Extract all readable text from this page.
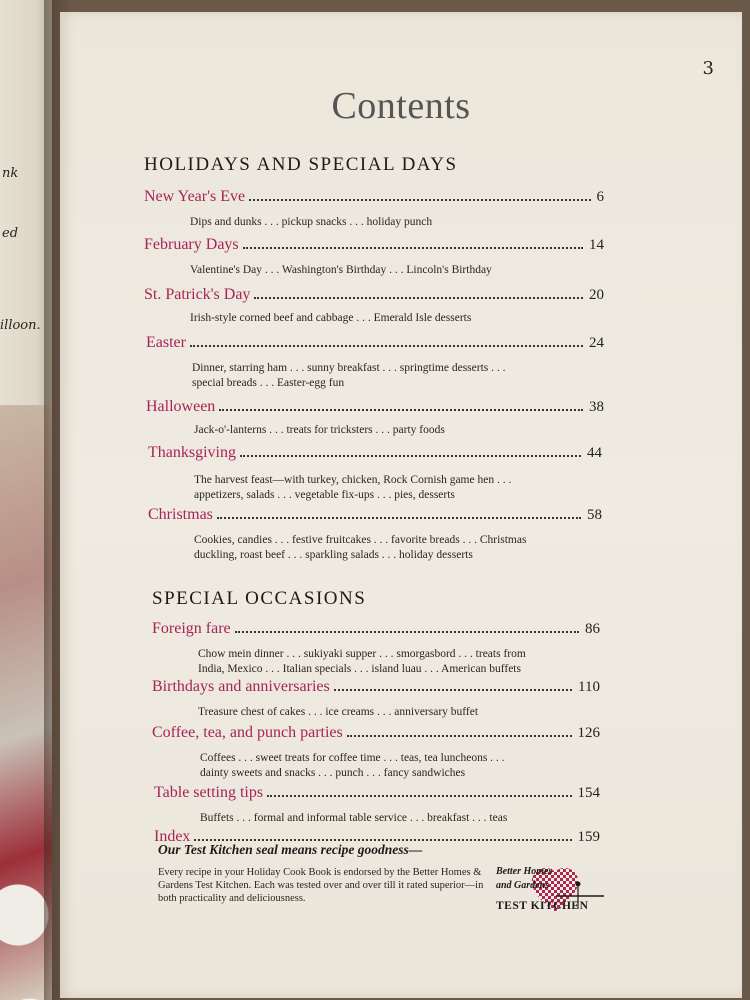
nk
ed
illoon.
3
Contents
HOLIDAYS AND SPECIAL DAYS
New Year's Eve	6
Dips and dunks . . . pickup snacks . . . holiday punch
February Days	14
Valentine's Day . . . Washington's Birthday . . . Lincoln's Birthday
St. Patrick's Day	20
Irish-style corned beef and cabbage . . . Emerald Isle desserts
Easter	24
Dinner, starring ham . . . sunny breakfast . . . springtime desserts . . .
special breads . . . Easter-egg fun
Halloween	38
Jack-o'-lanterns . . . treats for tricksters . . . party foods
Thanksgiving	44
The harvest feast—with turkey, chicken, Rock Cornish game hen . . .
appetizers, salads . . . vegetable fix-ups . . . pies, desserts
Christmas	58
Cookies, candies . . . festive fruitcakes . . . favorite breads . . . Christmas
duckling, roast beef . . . sparkling salads . . . holiday desserts
SPECIAL OCCASIONS
Foreign fare	86
Chow mein dinner . . . sukiyaki supper . . . smorgasbord . . . treats from
India, Mexico . . . Italian specials . . . island luau . . . American buffets
Birthdays and anniversaries	110
Treasure chest of cakes . . . ice creams . . . anniversary buffet
Coffee, tea, and punch parties	126
Coffees . . . sweet treats for coffee time . . . teas, tea luncheons . . .
dainty sweets and snacks . . . punch . . . fancy sandwiches
Table setting tips	154
Buffets . . . formal and informal table service . . . breakfast . . . teas
Index	159
Our Test Kitchen seal means recipe goodness—
Every recipe in your Holiday Cook Book is endorsed by the Better Homes & Gardens Test Kitchen. Each was tested over and over till it rated superior—in both practicality and deliciousness.
Better Homes
and Gardens
TEST KITCHEN
